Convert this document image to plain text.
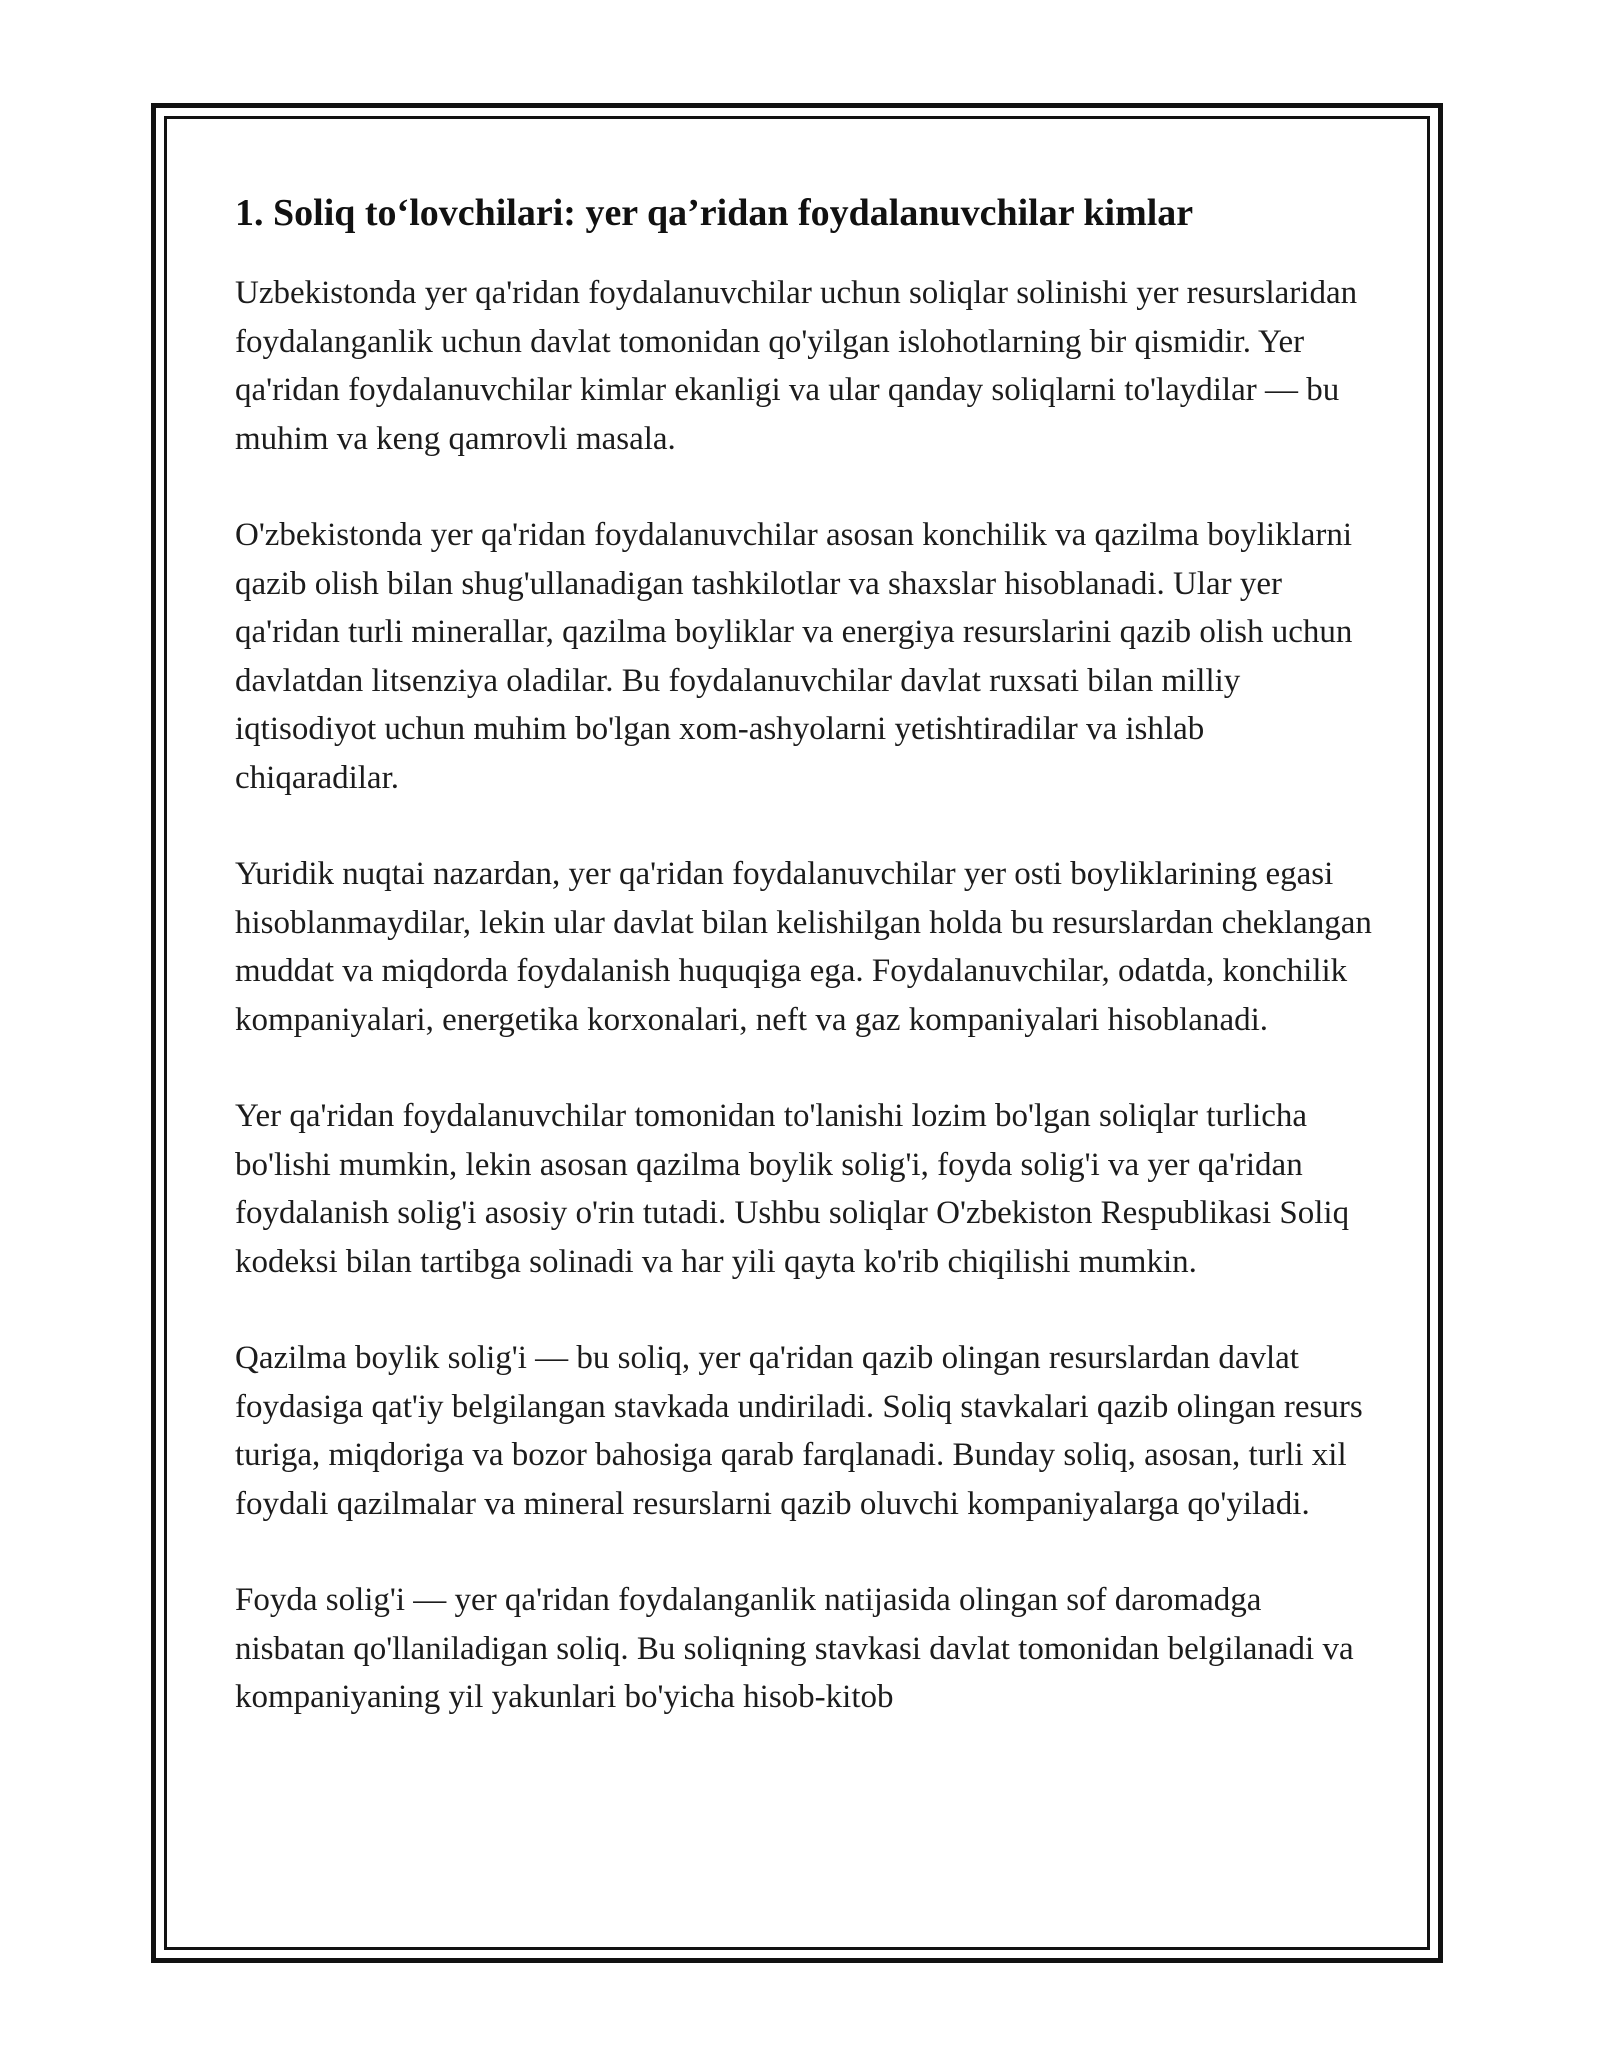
1. Soliq to‘lovchilari: yer qa’ridan foydalanuvchilar kimlar

Uzbekistonda yer qa'ridan foydalanuvchilar uchun soliqlar solinishi yer resurslaridan foydalanganlik uchun davlat tomonidan qo'yilgan islohotlarning bir qismidir. Yer qa'ridan foydalanuvchilar kimlar ekanligi va ular qanday soliqlarni to'laydilar — bu muhim va keng qamrovli masala.

O'zbekistonda yer qa'ridan foydalanuvchilar asosan konchilik va qazilma boyliklarni qazib olish bilan shug'ullanadigan tashkilotlar va shaxslar hisoblanadi. Ular yer qa'ridan turli minerallar, qazilma boyliklar va energiya resurslarini qazib olish uchun davlatdan litsenziya oladilar. Bu foydalanuvchilar davlat ruxsati bilan milliy iqtisodiyot uchun muhim bo'lgan xom-ashyolarni yetishtiradilar va ishlab chiqaradilar.

Yuridik nuqtai nazardan, yer qa'ridan foydalanuvchilar yer osti boyliklarining egasi hisoblanmaydilar, lekin ular davlat bilan kelishilgan holda bu resurslardan cheklangan muddat va miqdorda foydalanish huquqiga ega. Foydalanuvchilar, odatda, konchilik kompaniyalari, energetika korxonalari, neft va gaz kompaniyalari hisoblanadi.

Yer qa'ridan foydalanuvchilar tomonidan to'lanishi lozim bo'lgan soliqlar turlicha bo'lishi mumkin, lekin asosan qazilma boylik solig'i, foyda solig'i va yer qa'ridan foydalanish solig'i asosiy o'rin tutadi. Ushbu soliqlar O'zbekiston Respublikasi Soliq kodeksi bilan tartibga solinadi va har yili qayta ko'rib chiqilishi mumkin.

Qazilma boylik solig'i — bu soliq, yer qa'ridan qazib olingan resurslardan davlat foydasiga qat'iy belgilangan stavkada undiriladi. Soliq stavkalari qazib olingan resurs turiga, miqdoriga va bozor bahosiga qarab farqlanadi. Bunday soliq, asosan, turli xil foydali qazilmalar va mineral resurslarni qazib oluvchi kompaniyalarga qo'yiladi.

Foyda solig'i — yer qa'ridan foydalanganlik natijasida olingan sof daromadga nisbatan qo'llaniladigan soliq. Bu soliqning stavkasi davlat tomonidan belgilanadi va kompaniyaning yil yakunlari bo'yicha hisob-kitob
